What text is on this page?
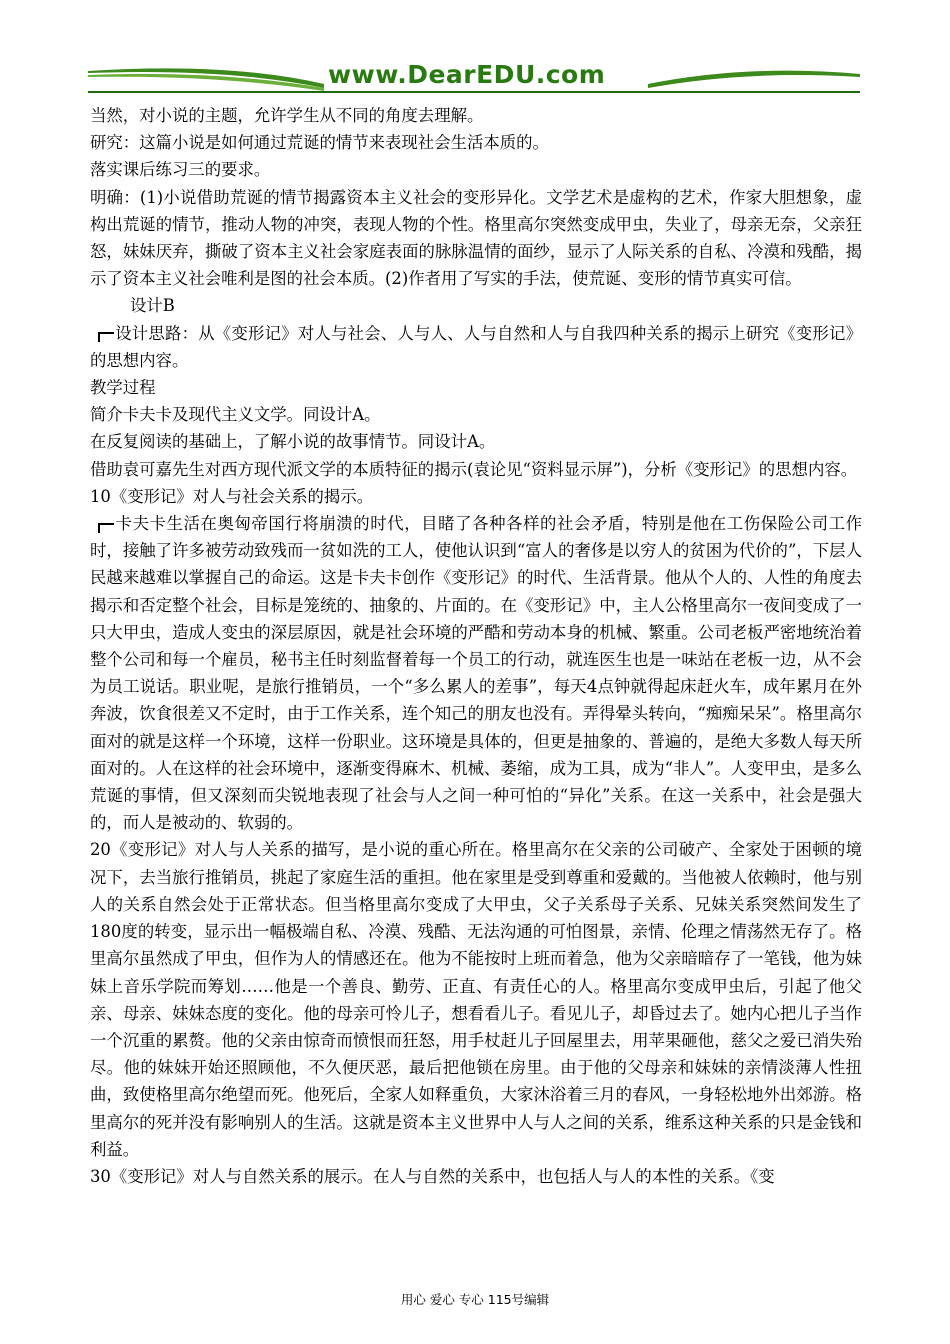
www.DearEDU.com

当然，对小说的主题，允许学生从不同的角度去理解。

研究：这篇小说是如何通过荒诞的情节来表现社会生活本质的。

落实课后练习三的要求。

明确：(1)小说借助荒诞的情节揭露资本主义社会的变形异化。文学艺术是虚构的艺术，作家大胆想象，虚构出荒诞的情节，推动人物的冲突，表现人物的个性。格里高尔突然变成甲虫，失业了，母亲无奈，父亲狂怒，妹妹厌弃，撕破了资本主义社会家庭表面的脉脉温情的面纱，显示了人际关系的自私、冷漠和残酷，揭示了资本主义社会唯利是图的社会本质。(2)作者用了写实的手法，使荒诞、变形的情节真实可信。

设计B

设计思路：从《变形记》对人与社会、人与人、人与自然和人与自我四种关系的揭示上研究《变形记》的思想内容。

教学过程

简介卡夫卡及现代主义文学。同设计A。

在反复阅读的基础上，了解小说的故事情节。同设计A。

借助袁可嘉先生对西方现代派文学的本质特征的揭示(袁论见“资料显示屏”)，分析《变形记》的思想内容。

10《变形记》对人与社会关系的揭示。

卡夫卡生活在奥匈帝国行将崩溃的时代，目睹了各种各样的社会矛盾，特别是他在工伤保险公司工作时，接触了许多被劳动致残而一贫如洗的工人，使他认识到“富人的奢侈是以穷人的贫困为代价的”，下层人民越来越难以掌握自己的命运。这是卡夫卡创作《变形记》的时代、生活背景。他从个人的、人性的角度去揭示和否定整个社会，目标是笼统的、抽象的、片面的。在《变形记》中，主人公格里高尔一夜间变成了一只大甲虫，造成人变虫的深层原因，就是社会环境的严酷和劳动本身的机械、繁重。公司老板严密地统治着整个公司和每一个雇员，秘书主任时刻监督着每一个员工的行动，就连医生也是一味站在老板一边，从不会为员工说话。职业呢，是旅行推销员，一个“多么累人的差事”，每天4点钟就得起床赶火车，成年累月在外奔波，饮食很差又不定时，由于工作关系，连个知己的朋友也没有。弄得晕头转向，“痴痴呆呆”。格里高尔面对的就是这样一个环境，这样一份职业。这环境是具体的，但更是抽象的、普遍的，是绝大多数人每天所面对的。人在这样的社会环境中，逐渐变得麻木、机械、萎缩，成为工具，成为“非人”。人变甲虫，是多么荒诞的事情，但又深刻而尖锐地表现了社会与人之间一种可怕的“异化”关系。在这一关系中，社会是强大的，而人是被动的、软弱的。

20《变形记》对人与人关系的描写，是小说的重心所在。格里高尔在父亲的公司破产、全家处于困顿的境况下，去当旅行推销员，挑起了家庭生活的重担。他在家里是受到尊重和爱戴的。当他被人依赖时，他与别人的关系自然会处于正常状态。但当格里高尔变成了大甲虫，父子关系母子关系、兄妹关系突然间发生了180度的转变，显示出一幅极端自私、冷漠、残酷、无法沟通的可怕图景，亲情、伦理之情荡然无存了。格里高尔虽然成了甲虫，但作为人的情感还在。他为不能按时上班而着急，他为父亲暗暗存了一笔钱，他为妹妹上音乐学院而筹划……他是一个善良、勤劳、正直、有责任心的人。格里高尔变成甲虫后，引起了他父亲、母亲、妹妹态度的变化。他的母亲可怜儿子，想看看儿子。看见儿子，却昏过去了。她内心把儿子当作一个沉重的累赘。他的父亲由惊奇而愤恨而狂怒，用手杖赶儿子回屋里去，用苹果砸他，慈父之爱已消失殆尽。他的妹妹开始还照顾他，不久便厌恶，最后把他锁在房里。由于他的父母亲和妹妹的亲情淡薄人性扭曲，致使格里高尔绝望而死。他死后，全家人如释重负，大家沐浴着三月的春风，一身轻松地外出郊游。格里高尔的死并没有影响别人的生活。这就是资本主义世界中人与人之间的关系，维系这种关系的只是金钱和利益。

30《变形记》对人与自然关系的展示。在人与自然的关系中，也包括人与人的本性的关系。《变

用心 爱心 专心 115号编辑
